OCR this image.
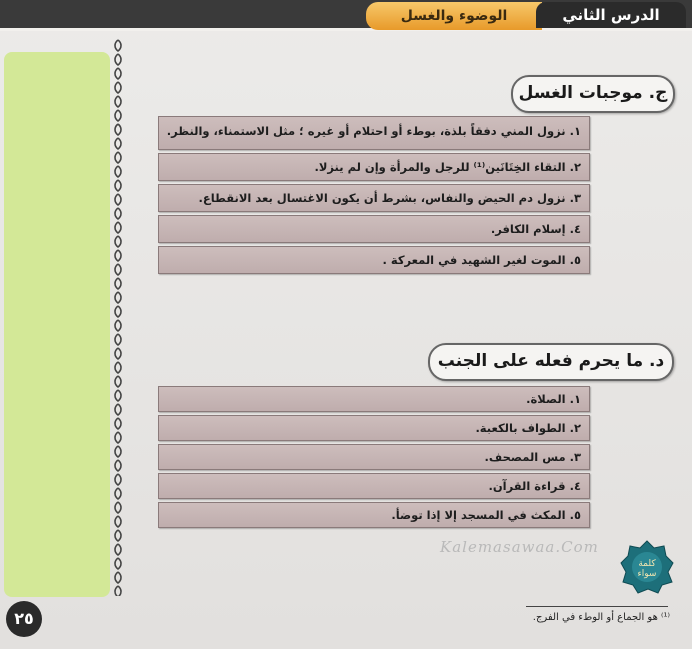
الوضوء والغسل	الدرس الثاني
ج. موجبات الغسل
١.نزول المني دفقاً بلذة، بوطء أو احتلام أو غيره ؛ مثل الاستمناء، والنظر.
٢.التقاء الخِتَانَين⁽¹⁾ للرجل والمرأة وإن لم ينزلا.
٣.نزول دم الحيض والنفاس، بشرط أن يكون الاغتسال بعد الانقطاع.
٤.إسلام الكافر.
٥.الموت لغير الشهيد في المعركة .
د. ما يحرم فعله على الجنب
١.الصلاة.
٢.الطواف بالكعبة.
٣.مس المصحف.
٤.قراءة القرآن.
٥.المكث في المسجد إلا إذا توضأ.
Kalemasawaa.Com
كلمة
سواء
٢٥	⁽¹⁾ هو الجماع أو الوطء في الفرج.
